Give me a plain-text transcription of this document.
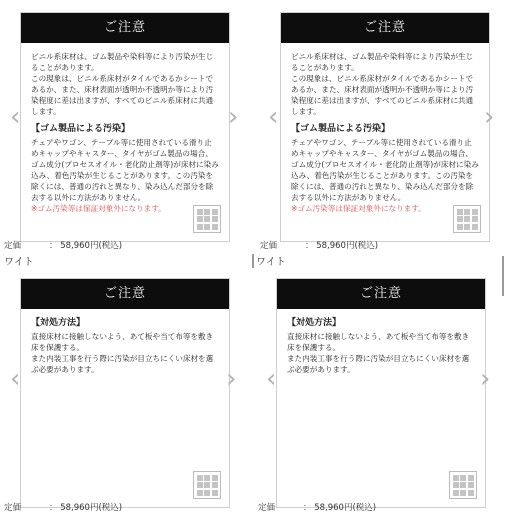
ご注意

ビニル系床材は、ゴム製品や染料等により汚染が生じることがあります。

この現象は、ビニル系床材がタイルであるかシートであるか、また、床材表面が透明か不透明か等により汚染程度に差は出ますが、すべてのビニル系床材に共通します。

【ゴム製品による汚染】

チェアやワゴン、テーブル等に使用されている滑り止めキャップやキャスター、タイヤがゴム製品の場合、ゴム成分(プロセスオイル・老化防止剤等)が床材に染み込み、着色汚染が生じることがあります。この汚染を除くには、普通の汚れと異なり、染み込んだ部分を除去する以外に方法がありません。

※ゴム汚染等は保証対象外になります。

‹	›
定価	： 58,960円(税込)
ワイト
ご注意

ビニル系床材は、ゴム製品や染料等により汚染が生じることがあります。

この現象は、ビニル系床材がタイルであるかシートであるか、また、床材表面が透明か不透明か等により汚染程度に差は出ますが、すべてのビニル系床材に共通します。

【ゴム製品による汚染】

チェアやワゴン、テーブル等に使用されている滑り止めキャップやキャスター、タイヤがゴム製品の場合、ゴム成分(プロセスオイル・老化防止剤等)が床材に染み込み、着色汚染が生じることがあります。この汚染を除くには、普通の汚れと異なり、染み込んだ部分を除去する以外に方法がありません。

※ゴム汚染等は保証対象外になります。

‹	›
定価	： 58,960円(税込)
ワイト
ご注意

【対処方法】

直接床材に接触しないよう、あて板や当て布等を敷き床を保護する。

また内装工事を行う際に汚染が目立ちにくい床材を選ぶ必要があります。

‹	›
定価	： 58,960円(税込)
ご注意

【対処方法】

直接床材に接触しないよう、あて板や当て布等を敷き床を保護する。

また内装工事を行う際に汚染が目立ちにくい床材を選ぶ必要があります。

‹	›
定価	： 58,960円(税込)
